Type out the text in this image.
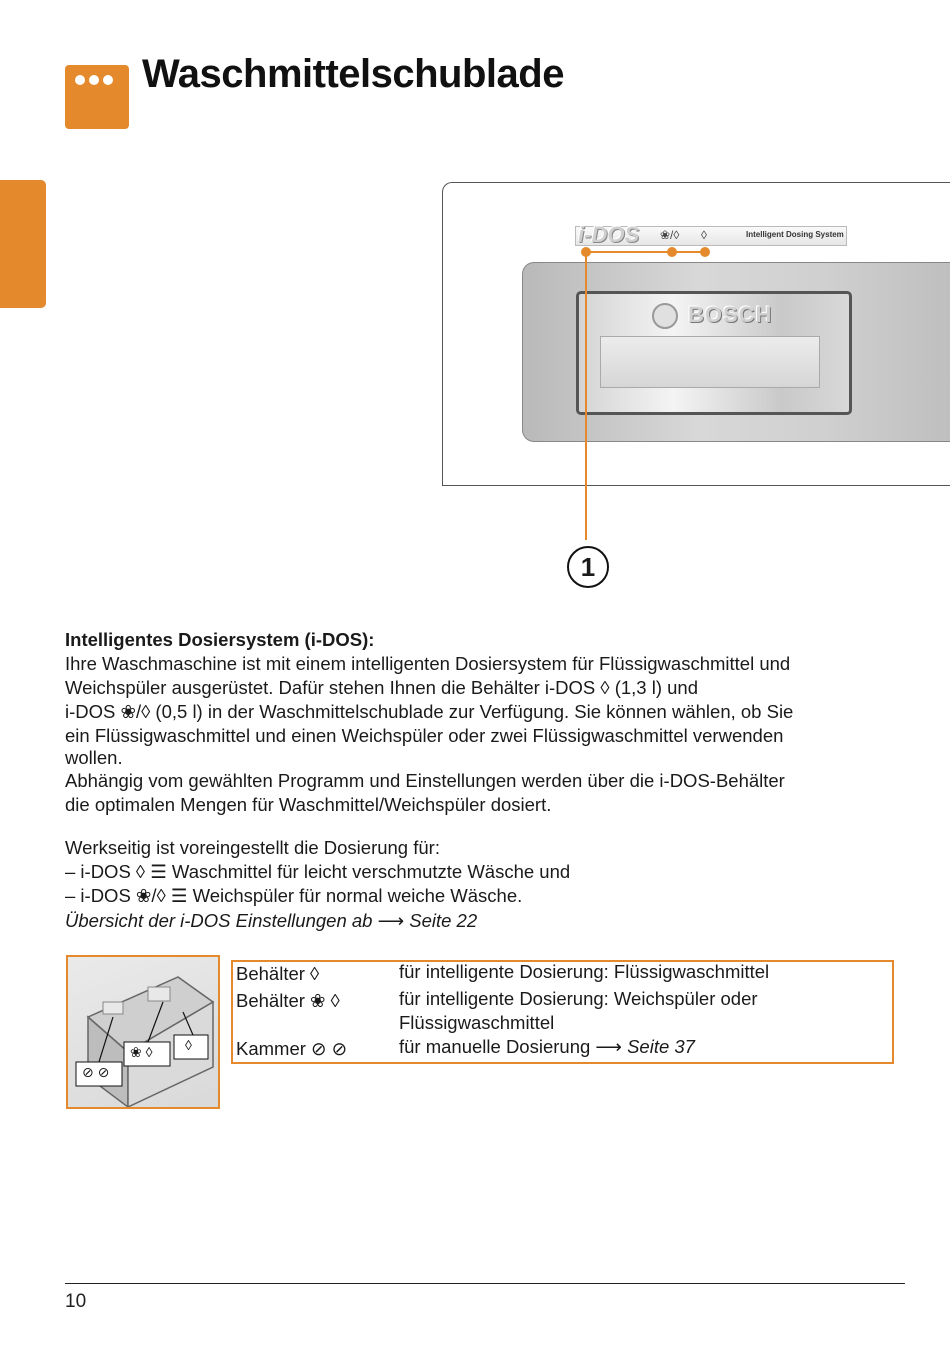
Waschmittelschublade
i-DOS ❀/◊ ◊	Intelligent Dosing System
BOSCH
1
Intelligentes Dosiersystem (i-DOS):
Ihre Waschmaschine ist mit einem intelligenten Dosiersystem für Flüssigwaschmittel und
Weichspüler ausgerüstet. Dafür stehen Ihnen die Behälter i-DOS ◊ (1,3 l) und
i-DOS ❀/◊ (0,5 l) in der Waschmittelschublade zur Verfügung. Sie können wählen, ob Sie
ein Flüssigwaschmittel und einen Weichspüler oder zwei Flüssigwaschmittel verwenden
wollen.
Abhängig vom gewählten Programm und Einstellungen werden über die i-DOS-Behälter
die optimalen Mengen für Waschmittel/Weichspüler dosiert.
Werkseitig ist voreingestellt die Dosierung für:
– i-DOS ◊ ☰ Waschmittel für leicht verschmutzte Wäsche und
– i-DOS ❀/◊ ☰ Weichspüler für normal weiche Wäsche.
Übersicht der i-DOS Einstellungen ab ⟶ Seite 22
⊘ ⊘
❀ ◊ ◊
Behälter ◊	für intelligente Dosierung: Flüssigwaschmittel
Behälter ❀ ◊	für intelligente Dosierung: Weichspüler oder
Flüssigwaschmittel
Kammer ⊘ ⊘	für manuelle Dosierung ⟶ Seite 37
10
